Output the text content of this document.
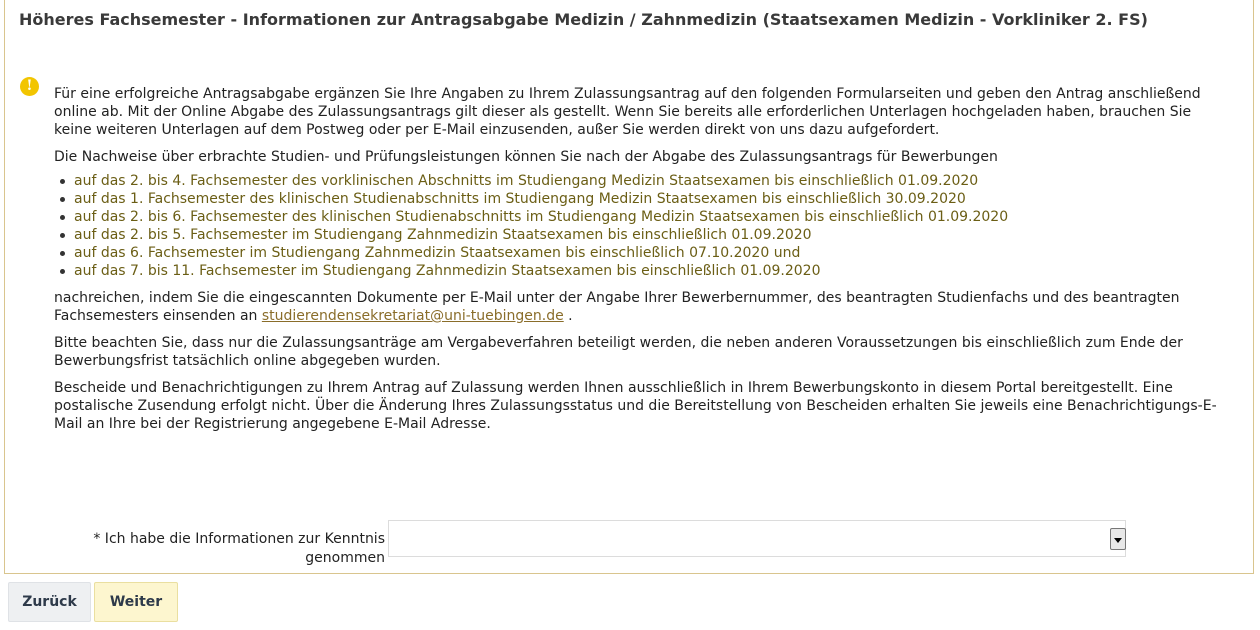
Höheres Fachsemester - Informationen zur Antragsabgabe Medizin / Zahnmedizin (Staatsexamen Medizin - Vorkliniker 2. FS)
!	Für eine erfolgreiche Antragsabgabe ergänzen Sie Ihre Angaben zu Ihrem Zulassungsantrag auf den folgenden Formularseiten und geben den Antrag anschließend online ab. Mit der Online Abgabe des Zulassungsantrags gilt dieser als gestellt. Wenn Sie bereits alle erforderlichen Unterlagen hochgeladen haben, brauchen Sie keine weiteren Unterlagen auf dem Postweg oder per E-Mail einzusenden, außer Sie werden direkt von uns dazu aufgefordert.

Die Nachweise über erbrachte Studien- und Prüfungsleistungen können Sie nach der Abgabe des Zulassungsantrags für Bewerbungen

auf das 2. bis 4. Fachsemester des vorklinischen Abschnitts im Studiengang Medizin Staatsexamen bis einschließlich 01.09.2020
auf das 1. Fachsemester des klinischen Studienabschnitts im Studiengang Medizin Staatsexamen bis einschließlich 30.09.2020
auf das 2. bis 6. Fachsemester des klinischen Studienabschnitts im Studiengang Medizin Staatsexamen bis einschließlich 01.09.2020
auf das 2. bis 5. Fachsemester im Studiengang Zahnmedizin Staatsexamen bis einschließlich 01.09.2020
auf das 6. Fachsemester im Studiengang Zahnmedizin Staatsexamen bis einschließlich 07.10.2020 und
auf das 7. bis 11. Fachsemester im Studiengang Zahnmedizin Staatsexamen bis einschließlich 01.09.2020

nachreichen, indem Sie die eingescannten Dokumente per E-Mail unter der Angabe Ihrer Bewerbernummer, des beantragten Studienfachs und des beantragten Fachsemesters einsenden an studierendensekretariat@uni-tuebingen.de .

Bitte beachten Sie, dass nur die Zulassungsanträge am Vergabeverfahren beteiligt werden, die neben anderen Voraussetzungen bis einschließlich zum Ende der Bewerbungsfrist tatsächlich online abgegeben wurden.

Bescheide und Benachrichtigungen zu Ihrem Antrag auf Zulassung werden Ihnen ausschließlich in Ihrem Bewerbungskonto in diesem Portal bereitgestellt. Eine postalische Zusendung erfolgt nicht. Über die Änderung Ihres Zulassungsstatus und die Bereitstellung von Bescheiden erhalten Sie jeweils eine Benachrichtigungs-E-Mail an Ihre bei der Registrierung angegebene E-Mail Adresse.

* Ich habe die Informationen zur Kenntnis genommen
Zurück	Weiter
